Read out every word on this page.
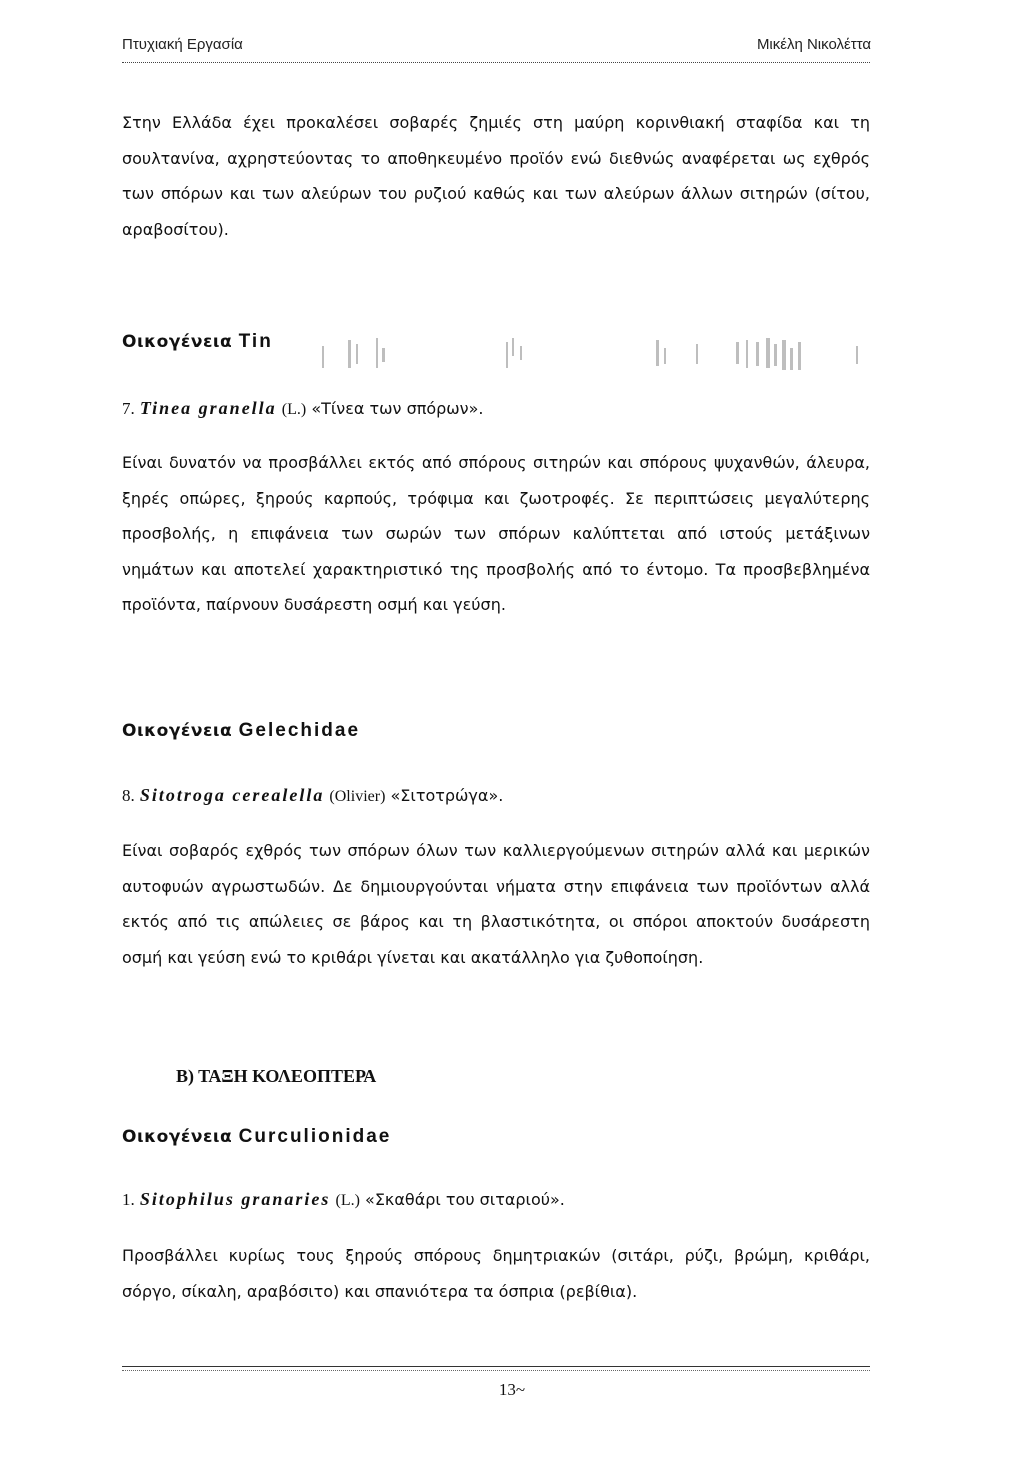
Πτυχιακή Εργασία	Μικέλη Νικολέττα

Στην Ελλάδα έχει προκαλέσει σοβαρές ζημιές στη μαύρη κορινθιακή σταφίδα και τη σουλτανίνα, αχρηστεύοντας το αποθηκευμένο προϊόν ενώ διεθνώς αναφέρεται ως εχθρός των σπόρων και των αλεύρων του ρυζιού καθώς και των αλεύρων άλλων σιτηρών (σίτου, αραβοσίτου).

Οικογένεια Tin

7. Tinea granella (L.) «Τίνεα των σπόρων».

Είναι δυνατόν να προσβάλλει εκτός από σπόρους σιτηρών και σπόρους ψυχανθών, άλευρα, ξηρές οπώρες, ξηρούς καρπούς, τρόφιμα και ζωοτροφές. Σε περιπτώσεις μεγαλύτερης προσβολής, η επιφάνεια των σωρών των σπόρων καλύπτεται από ιστούς μετάξινων νημάτων και αποτελεί χαρακτηριστικό της προσβολής από το έντομο. Τα προσβεβλημένα προϊόντα, παίρνουν δυσάρεστη οσμή και γεύση.

Οικογένεια Gelechidae

8. Sitotroga cerealella (Olivier) «Σιτοτρώγα».

Είναι σοβαρός εχθρός των σπόρων όλων των καλλιεργούμενων σιτηρών αλλά και μερικών αυτοφυών αγρωστωδών. Δε δημιουργούνται νήματα στην επιφάνεια των προϊόντων αλλά εκτός από τις απώλειες σε βάρος και τη βλαστικότητα, οι σπόροι αποκτούν δυσάρεστη οσμή και γεύση ενώ το κριθάρι γίνεται και ακατάλληλο για ζυθοποίηση.

Β) ΤΑΞΗ ΚΟΛΕΟΠΤΕΡΑ

Οικογένεια Curculionidae

1. Sitophilus granaries (L.) «Σκαθάρι του σιταριού».

Προσβάλλει κυρίως τους ξηρούς σπόρους δημητριακών (σιτάρι, ρύζι, βρώμη, κριθάρι, σόργο, σίκαλη, αραβόσιτο) και σπανιότερα τα όσπρια (ρεβίθια).

13~
